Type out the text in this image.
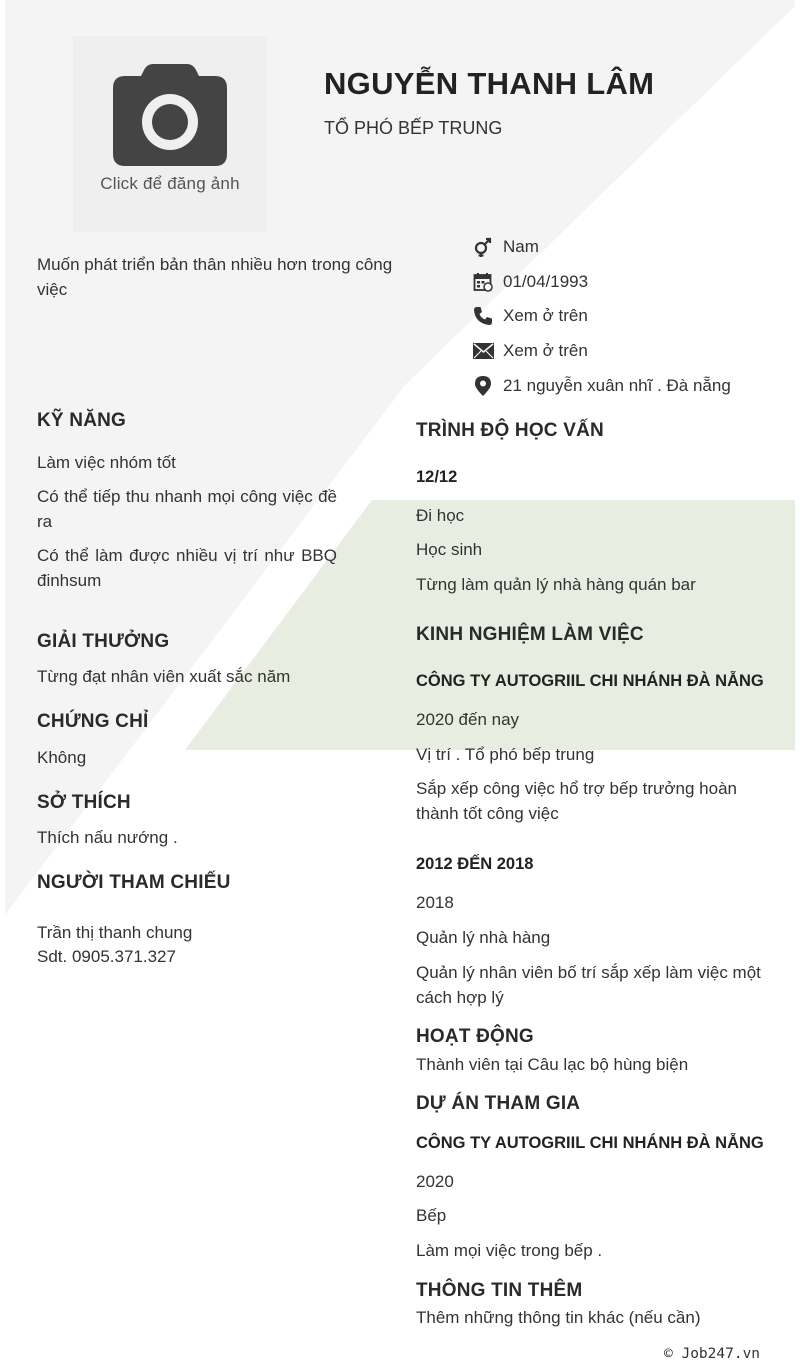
Click để đăng ảnh
NGUYỄN THANH LÂM
TỔ PHÓ BẾP TRUNG
Muốn phát triển bản thân nhiều hơn trong công việc
Nam
01/04/1993
Xem ở trên
Xem ở trên
21 nguyễn xuân nhĩ . Đà nẵng
KỸ NĂNG
Làm việc nhóm tốt
Có thể tiếp thu nhanh mọi công việc đề ra
Có thể làm được nhiều vị trí như BBQ đinhsum
GIẢI THƯỞNG
Từng đạt nhân viên xuất sắc năm
CHỨNG CHỈ
Không
SỞ THÍCH
Thích nấu nướng .
NGƯỜI THAM CHIẾU
Trần thị thanh chung
Sdt. 0905.371.327
TRÌNH ĐỘ HỌC VẤN
12/12
Đi học
Học sinh
Từng làm quản lý nhà hàng quán bar
KINH NGHIỆM LÀM VIỆC
CÔNG TY AUTOGRIIL CHI NHÁNH ĐÀ NẴNG
2020 đến nay
Vị trí . Tổ phó bếp trung
Sắp xếp công việc hổ trợ bếp trưởng hoàn thành tốt công việc
2012 ĐẾN 2018
2018
Quản lý nhà hàng
Quản lý nhân viên bố trí sắp xếp làm việc một cách hợp lý
HOẠT ĐỘNG
Thành viên tại Câu lạc bộ hùng biện
DỰ ÁN THAM GIA
CÔNG TY AUTOGRIIL CHI NHÁNH ĐÀ NẴNG
2020
Bếp
Làm mọi việc trong bếp .
THÔNG TIN THÊM
Thêm những thông tin khác (nếu cần)
© Job247.vn
